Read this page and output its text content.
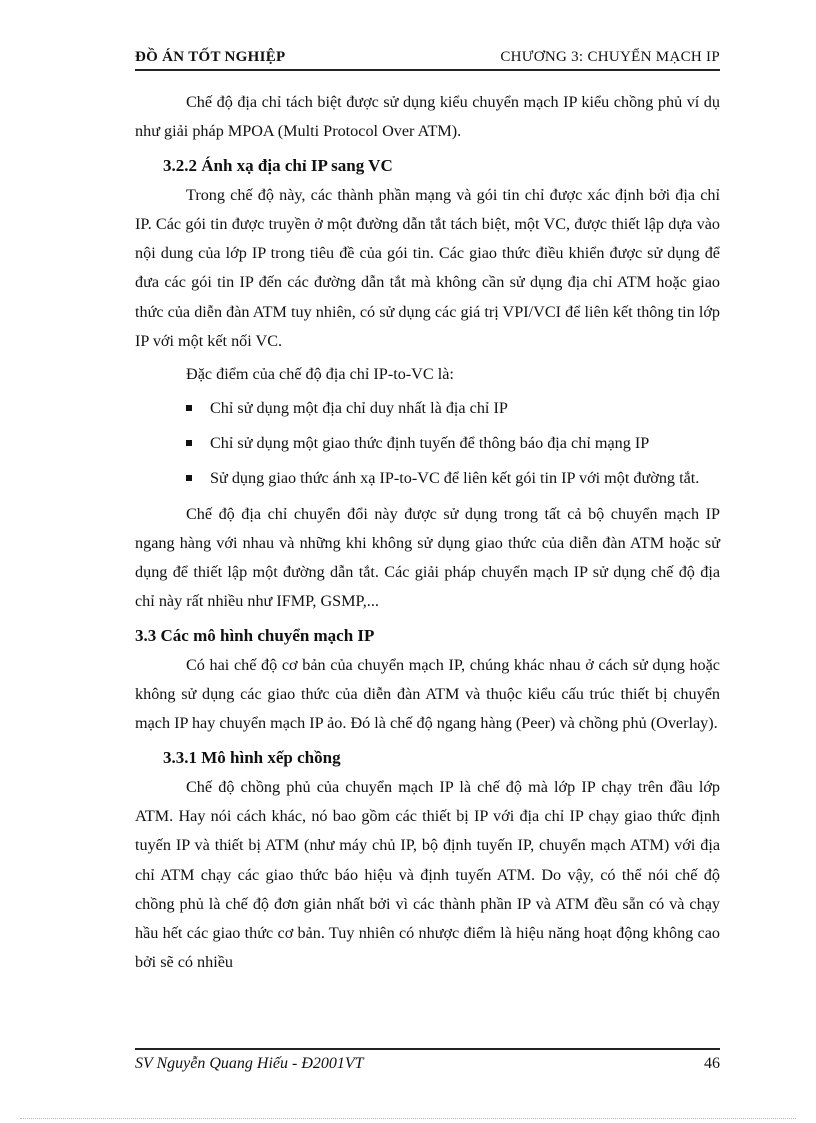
ĐỒ ÁN TỐT NGHIỆP	CHƯƠNG 3: CHUYỂN MẠCH IP

Chế độ địa chỉ tách biệt được sử dụng kiểu chuyển mạch IP kiểu chồng phủ ví dụ như giải pháp MPOA (Multi Protocol Over ATM).

3.2.2 Ánh xạ địa chỉ IP sang VC

Trong chế độ này, các thành phần mạng và gói tin chỉ được xác định bởi địa chỉ IP. Các gói tin được truyền ở một đường dẫn tắt tách biệt, một VC, được thiết lập dựa vào nội dung của lớp IP trong tiêu đề của gói tin. Các giao thức điều khiển được sử dụng để đưa các gói tin IP đến các đường dẫn tắt mà không cần sử dụng địa chỉ ATM hoặc giao thức của diễn đàn ATM tuy nhiên, có sử dụng các giá trị VPI/VCI để liên kết thông tin lớp IP với một kết nối VC.

Đặc điểm của chế độ địa chỉ IP-to-VC là:

Chỉ sử dụng một địa chỉ duy nhất là địa chỉ IP
Chỉ sử dụng một giao thức định tuyến để thông báo địa chỉ mạng IP
Sử dụng giao thức ánh xạ IP-to-VC để liên kết gói tin IP với một đường tắt.

Chế độ địa chỉ chuyển đổi này được sử dụng trong tất cả bộ chuyển mạch IP ngang hàng với nhau và những khi không sử dụng giao thức của diễn đàn ATM hoặc sử dụng để thiết lập một đường dẫn tắt. Các giải pháp chuyển mạch IP sử dụng chế độ địa chỉ này rất nhiều như IFMP, GSMP,...

3.3 Các mô hình chuyển mạch IP

Có hai chế độ cơ bản của chuyển mạch IP, chúng khác nhau ở cách sử dụng hoặc không sử dụng các giao thức của diễn đàn ATM và thuộc kiểu cấu trúc thiết bị chuyển mạch IP hay chuyển mạch IP ảo. Đó là chế độ ngang hàng (Peer) và chồng phủ (Overlay).

3.3.1 Mô hình xếp chồng

Chế độ chồng phủ của chuyển mạch IP là chế độ mà lớp IP chạy trên đầu lớp ATM. Hay nói cách khác, nó bao gồm các thiết bị IP với địa chỉ IP chạy giao thức định tuyến IP và thiết bị ATM (như máy chủ IP, bộ định tuyến IP, chuyển mạch ATM) với địa chỉ ATM chạy các giao thức báo hiệu và định tuyến ATM. Do vậy, có thể nói chế độ chồng phủ là chế độ đơn giản nhất bởi vì các thành phần IP và ATM đều sẵn có và chạy hầu hết các giao thức cơ bản. Tuy nhiên có nhược điểm là hiệu năng hoạt động không cao bởi sẽ có nhiều

SV Nguyễn Quang Hiếu - Đ2001VT	46
